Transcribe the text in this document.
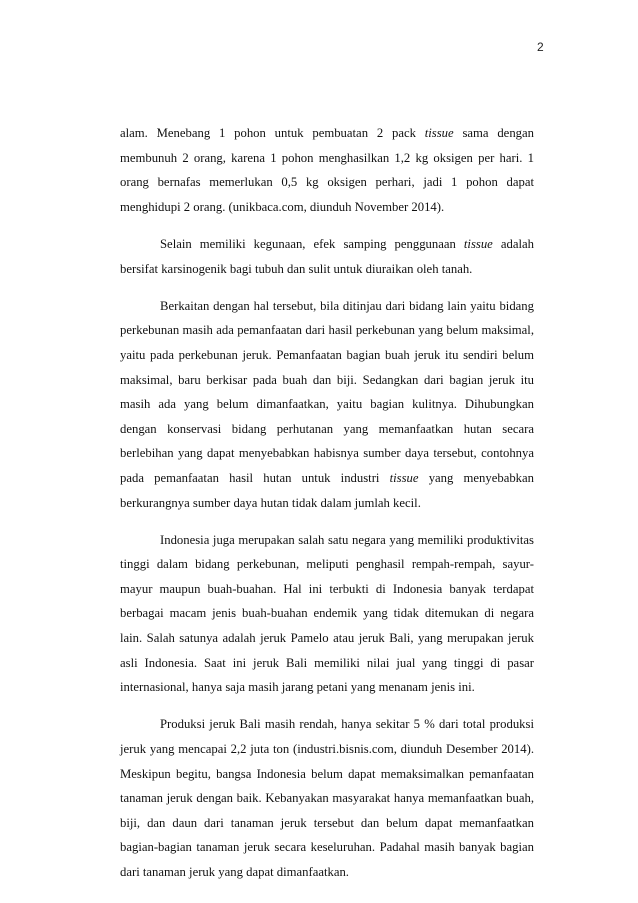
2

alam. Menebang 1 pohon untuk pembuatan 2 pack tissue sama dengan membunuh 2 orang, karena 1 pohon menghasilkan 1,2 kg oksigen per hari. 1 orang bernafas memerlukan 0,5 kg oksigen perhari, jadi 1 pohon dapat menghidupi 2 orang. (unikbaca.com, diunduh November 2014).

Selain memiliki kegunaan, efek samping penggunaan tissue adalah bersifat karsinogenik bagi tubuh dan sulit untuk diuraikan oleh tanah.

Berkaitan dengan hal tersebut, bila ditinjau dari bidang lain yaitu bidang perkebunan masih ada pemanfaatan dari hasil perkebunan yang belum maksimal, yaitu pada perkebunan jeruk. Pemanfaatan bagian buah jeruk itu sendiri belum maksimal, baru berkisar pada buah dan biji. Sedangkan dari bagian jeruk itu masih ada yang belum dimanfaatkan, yaitu bagian kulitnya. Dihubungkan dengan konservasi bidang perhutanan yang memanfaatkan hutan secara berlebihan yang dapat menyebabkan habisnya sumber daya tersebut, contohnya pada pemanfaatan hasil hutan untuk industri tissue yang menyebabkan berkurangnya sumber daya hutan tidak dalam jumlah kecil.

Indonesia juga merupakan salah satu negara yang memiliki produktivitas tinggi dalam bidang perkebunan, meliputi penghasil rempah-rempah, sayur-mayur maupun buah-buahan. Hal ini terbukti di Indonesia banyak terdapat berbagai macam jenis buah-buahan endemik yang tidak ditemukan di negara lain. Salah satunya adalah jeruk Pamelo atau jeruk Bali, yang merupakan jeruk asli Indonesia. Saat ini jeruk Bali memiliki nilai jual yang tinggi di pasar internasional, hanya saja masih jarang petani yang menanam jenis ini.

Produksi jeruk Bali masih rendah, hanya sekitar 5 % dari total produksi jeruk yang mencapai 2,2 juta ton (industri.bisnis.com, diunduh Desember 2014). Meskipun begitu, bangsa Indonesia belum dapat memaksimalkan pemanfaatan tanaman jeruk dengan baik. Kebanyakan masyarakat hanya memanfaatkan buah, biji, dan daun dari tanaman jeruk tersebut dan belum dapat memanfaatkan bagian-bagian tanaman jeruk secara keseluruhan. Padahal masih banyak bagian dari tanaman jeruk yang dapat dimanfaatkan.
